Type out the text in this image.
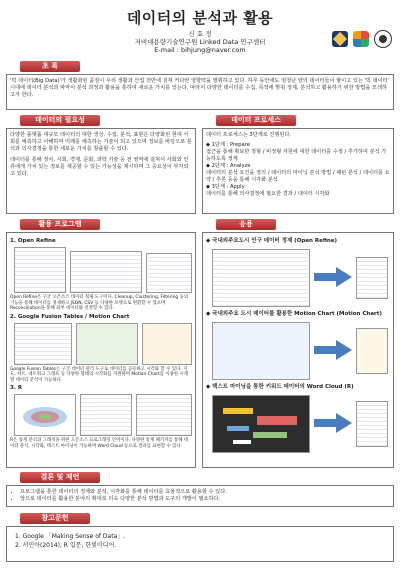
데이터의 분석과 활용
신 효 정
저비대용량기술연구원 Linked Data 연구센터
E-mail : bihjung@naver.com
초 록
'빅 데이터(Big Data)'가 생활화된 품질이 우리 생활과 산업 전반에 걸쳐 커다란 영향력을 발휘하고 있다. 하루 동안에도 엄청난 양의 데이터들이 쌓이고 있는 '빅 데이터' 시대에 데이터 분석과 파악이 분석 과정과 활용을 통하여 새로운 가치를 얻는다. 따라서 다양한 데이터를 수집, 목적에 맞춰 정제, 분석하고 활용하기 위한 방법을 모색하고자 한다.
데이터의 필요성
다양한 플랫폼 대규모 데이터의 대한 생성, 수집, 분석, 표현은 다양화된 현대 사회를 예측하고 이해하며 미래를 예측하는 기술이 되고 있으며 정보를 바탕으로 분석과 의사결정을 통한 새로운 가치를 창출할 수 있다.
데이터를 통해 정치, 사회, 경제, 문화, 과학 기술 등 전 영역에 걸쳐서 사회와 인류에게 가치 있는 정보를 제공할 수 있는 가능성을 제시하며 그 중요성이 부각되고 있다.
데이터 프로세스
데이터 프로세스는 3단계로 진행된다.
◆ 1단계 : Prepare
접근을 통해 확보한 정형 / 비정형 자원에 대한 데이터를 수정 / 추가하여 분석 가능하도록 정제
◆ 2단계 : Analyze
데이터의 분석 요건을 정의 / 데이터의 마이닝 분석 방법 / 패턴 분석 / 데이터를 요약 / 추론 등을 통해 시각화 분석
◆ 3단계 : Apply
데이터를 통해 의사결정에 필요한 결과 / 데이터 시각화
활용 프로그램
1. Open Refine
Open Refine은 구글 오픈소스 데이터 정제 도구이다. Cleanup, Clustering, Filtering 등의 기능을 통해 데이터를 정제하고 JSON, CSV 등 다양한 포맷으로 변환할 수 있으며 Reconciliation을 통해 외부 데이터와 연결할 수 있다.
2. Google Fusion Tables / Motion Chart
Google Fusion Tables는 구글 데이터 관리 도구로 데이터를 공유하고 시각화 할 수 있다. 지도, 차트, 네트워크 그래프 등 다양한 형태의 시각화를 지원하며 Motion Chart를 이용한 시계열 데이터 분석이 가능하다.
3. R
R은 통계 분석과 그래픽을 위한 오픈소스 프로그래밍 언어이다. 다양한 통계 패키지를 통해 데이터 분석, 시각화, 텍스트 마이닝이 가능하며 Word Cloud 등으로 결과를 표현할 수 있다.
응용
◆ 국내외주요도시 인구 데이터 정제 (Open Refine)
◆ 국내외주요 도시 데이터를 활용한 Motion Chart (Motion Chart)
◆ 텍스트 마이닝을 통한 키워드 데이터의 Word Cloud (R)
결론 및 제언
• 프로그램을 통한 데이터의 정제와 분석, 시각화를 통해 데이터를 효율적으로 활용할 수 있다.
• 앞으로 데이터를 활용한 분야의 확대로 더욱 다양한 분석 방법과 도구의 개발이 필요하다.
참고문헌
1. Google 「Making Sense of Data」.
2. 서민아(2014), R 입문, 한빛미디어.
